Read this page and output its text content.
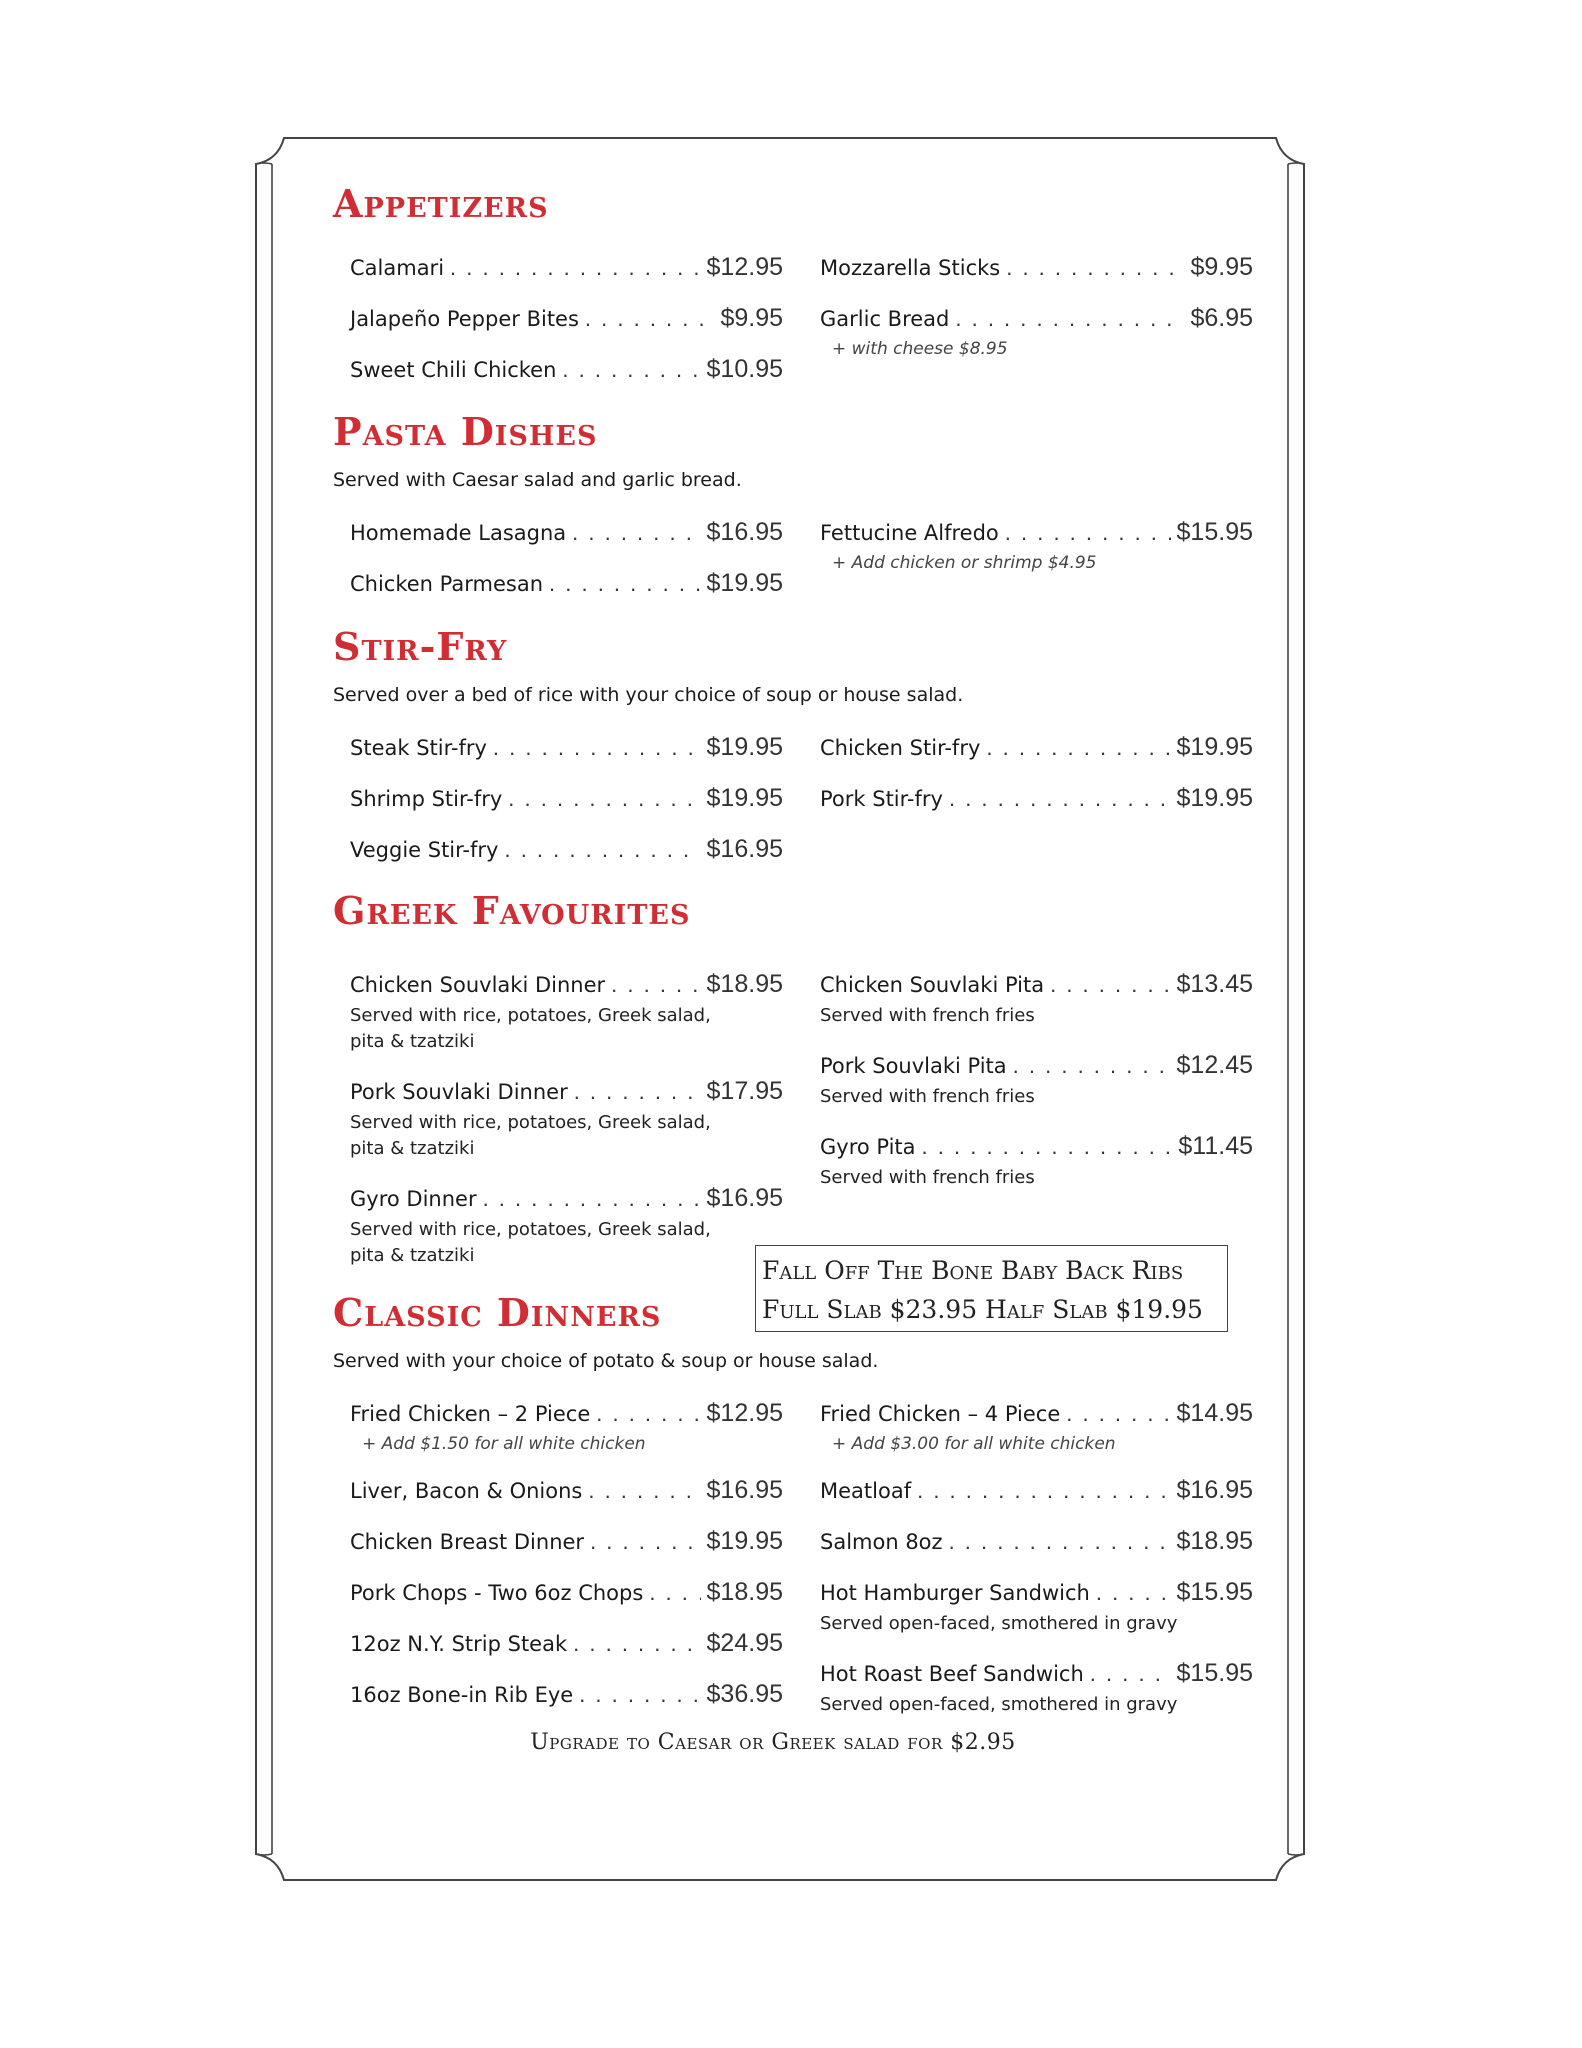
Appetizers
Calamari . . .	$12.95
Jalapeño Pepper Bites . . .	$9.95
Sweet Chili Chicken . . .	$10.95
Mozzarella Sticks . . .	$9.95
Garlic Bread . . .	$6.95
+ with cheese $8.95
Pasta Dishes

Served with Caesar salad and garlic bread.

Homemade Lasagna . . .	$16.95
Chicken Parmesan . . .	$19.95
Fettucine Alfredo . . .	$15.95
+ Add chicken or shrimp $4.95
Stir-Fry

Served over a bed of rice with your choice of soup or house salad.

Steak Stir-fry . . .	$19.95
Shrimp Stir-fry . . .	$19.95
Veggie Stir-fry . . .	$16.95
Chicken Stir-fry . . .	$19.95
Pork Stir-fry . . .	$19.95
Greek Favourites
Chicken Souvlaki Dinner . . .	$18.95
Served with rice, potatoes, Greek salad, pita & tzatziki
Pork Souvlaki Dinner . . .	$17.95
Served with rice, potatoes, Greek salad, pita & tzatziki
Gyro Dinner . . .	$16.95
Served with rice, potatoes, Greek salad, pita & tzatziki
Chicken Souvlaki Pita . . .	$13.45
Served with french fries
Pork Souvlaki Pita . . .	$12.45
Served with french fries
Gyro Pita . . .	$11.45
Served with french fries
Fall Off The Bone Baby Back Ribs
Full Slab $23.95 Half Slab $19.95
Classic Dinners

Served with your choice of potato & soup or house salad.

Fried Chicken – 2 Piece . . .	$12.95
+ Add $1.50 for all white chicken
Liver, Bacon & Onions . . .	$16.95
Chicken Breast Dinner . . .	$19.95
Pork Chops - Two 6oz Chops . . .	$18.95
12oz N.Y. Strip Steak . . .	$24.95
16oz Bone-in Rib Eye . . .	$36.95
Fried Chicken – 4 Piece . . .	$14.95
+ Add $3.00 for all white chicken
Meatloaf . . .	$16.95
Salmon 8oz . . .	$18.95
Hot Hamburger Sandwich . . .	$15.95
Served open-faced, smothered in gravy
Hot Roast Beef Sandwich . . .	$15.95
Served open-faced, smothered in gravy
Upgrade to Caesar or Greek salad for $2.95
